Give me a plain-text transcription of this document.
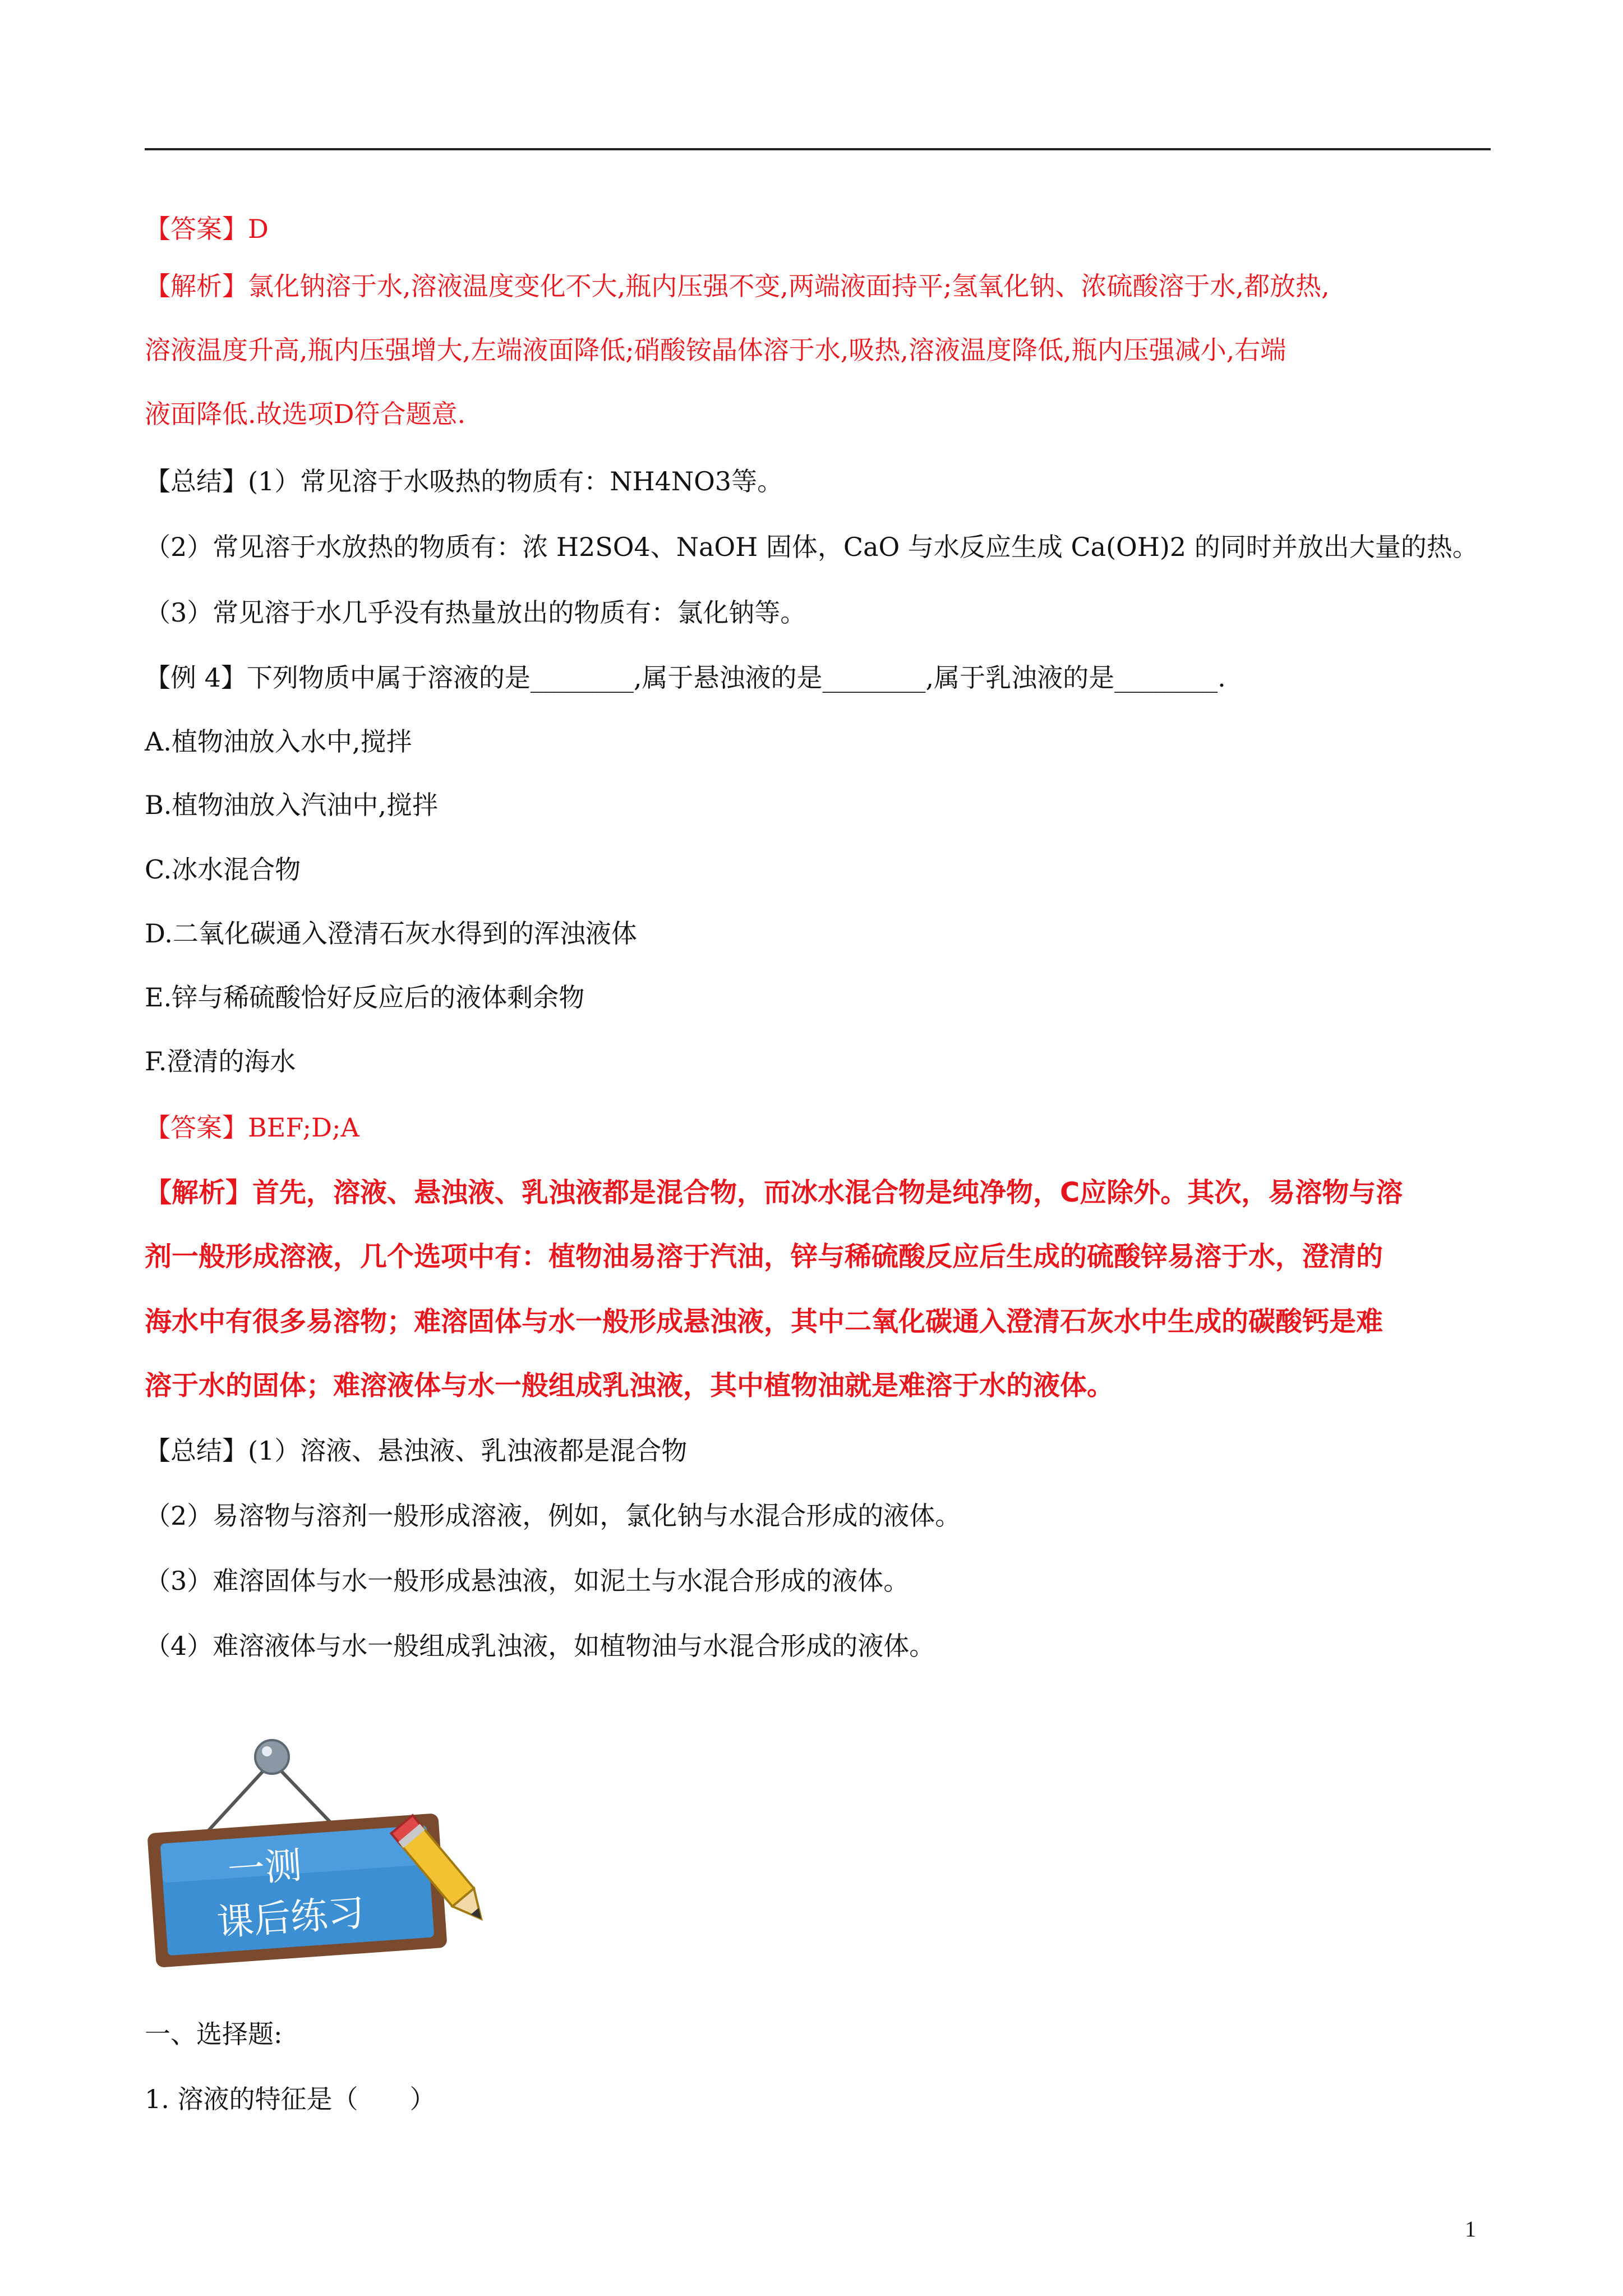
【答案】D
【解析】氯化钠溶于水,溶液温度变化不大,瓶内压强不变,两端液面持平;氢氧化钠、浓硫酸溶于水,都放热,
溶液温度升高,瓶内压强增大,左端液面降低;硝酸铵晶体溶于水,吸热,溶液温度降低,瓶内压强减小,右端
液面降低.故选项D符合题意.
【总结】(1）常见溶于水吸热的物质有：NH4NO3等。
（2）常见溶于水放热的物质有：浓 H2SO4、NaOH 固体，CaO 与水反应生成 Ca(OH)2 的同时并放出大量的热。
（3）常见溶于水几乎没有热量放出的物质有：氯化钠等。
【例 4】下列物质中属于溶液的是________,属于悬浊液的是________,属于乳浊液的是________.
A.植物油放入水中,搅拌
B.植物油放入汽油中,搅拌
C.冰水混合物
D.二氧化碳通入澄清石灰水得到的浑浊液体
E.锌与稀硫酸恰好反应后的液体剩余物
F.澄清的海水
【答案】BEF;D;A
【解析】首先，溶液、悬浊液、乳浊液都是混合物，而冰水混合物是纯净物，C应除外。其次，易溶物与溶
剂一般形成溶液，几个选项中有：植物油易溶于汽油，锌与稀硫酸反应后生成的硫酸锌易溶于水，澄清的
海水中有很多易溶物；难溶固体与水一般形成悬浊液，其中二氧化碳通入澄清石灰水中生成的碳酸钙是难
溶于水的固体；难溶液体与水一般组成乳浊液，其中植物油就是难溶于水的液体。
【总结】(1）溶液、悬浊液、乳浊液都是混合物
（2）易溶物与溶剂一般形成溶液，例如，氯化钠与水混合形成的液体。
（3）难溶固体与水一般形成悬浊液，如泥土与水混合形成的液体。
（4）难溶液体与水一般组成乳浊液，如植物油与水混合形成的液体。
一测
课后练习
一、选择题:
1. 溶液的特征是（　　）
1
